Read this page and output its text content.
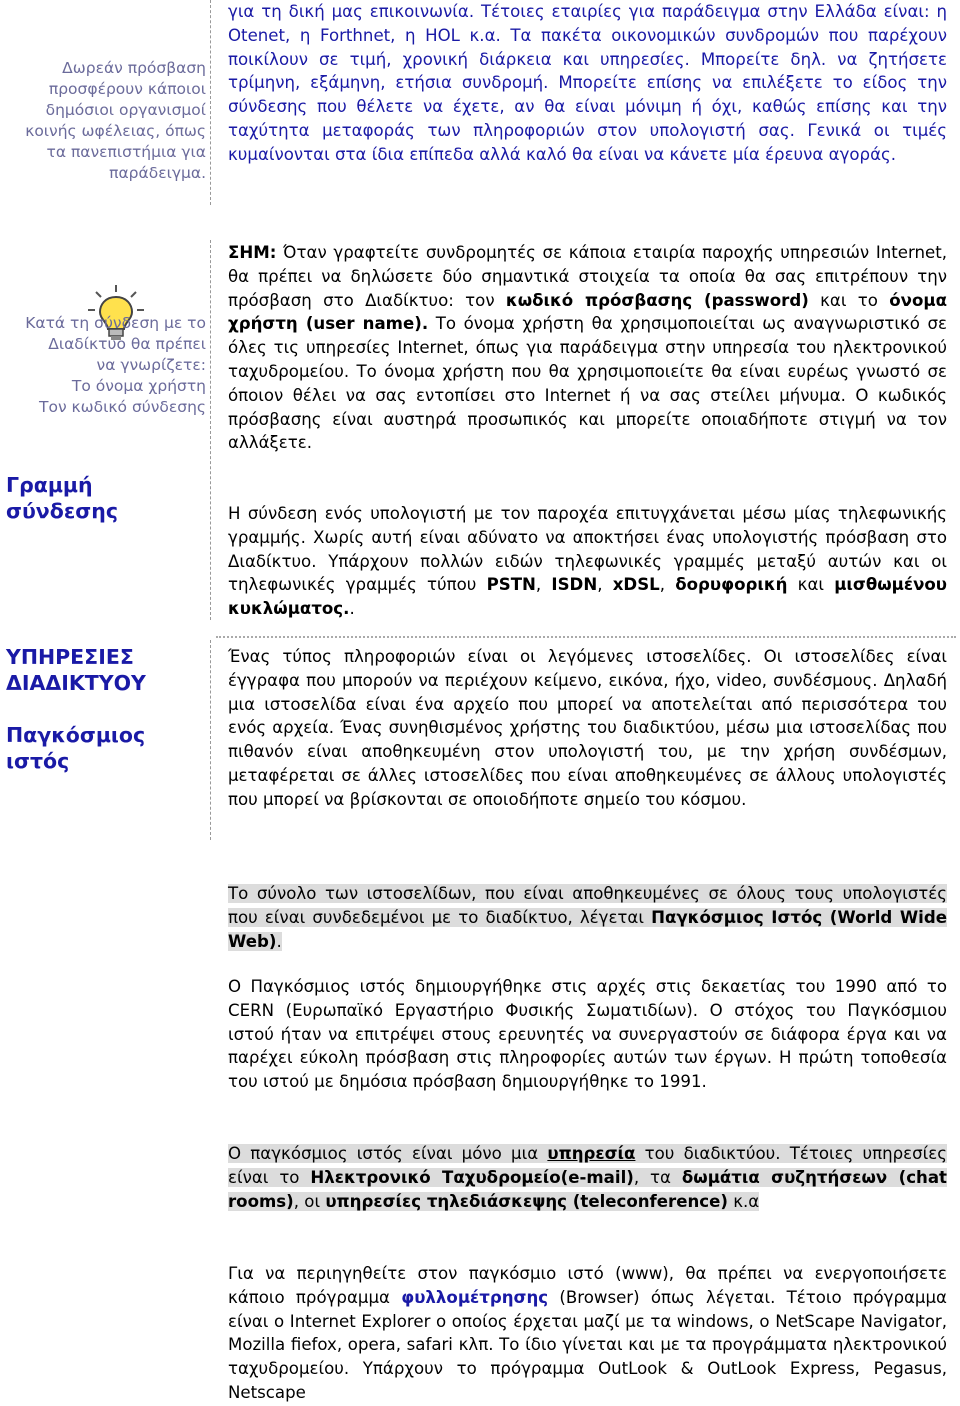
Δωρεάν πρόσβαση προσφέρουν κάποιοι δημόσιοι οργανισμοί κοινής ωφέλειας, όπως τα πανεπιστήμια για παράδειγμα.
Κατά τη σύνδεση με το
Διαδίκτυο θα πρέπει
να γνωρίζετε:
Το όνομα χρήστη
Τον κωδικό σύνδεσης
Γραμμή
σύνδεσης
ΥΠΗΡΕΣΙΕΣ
ΔΙΑΔΙΚΤΥΟΥ
Παγκόσμιος
ιστός
για τη δική μας επικοινωνία. Τέτοιες εταιρίες για παράδειγμα στην Ελλάδα είναι: η Otenet, η Forthnet, η HOL κ.α. Τα πακέτα οικονομικών συνδρομών που παρέχουν ποικίλουν σε τιμή, χρονική διάρκεια και υπηρεσίες. Μπορείτε δηλ. να ζητήσετε τρίμηνη, εξάμηνη, ετήσια συνδρομή. Μπορείτε επίσης να επιλέξετε το είδος την σύνδεσης που θέλετε να έχετε, αν θα είναι μόνιμη ή όχι, καθώς επίσης και την ταχύτητα μεταφοράς των πληροφοριών στον υπολογιστή σας. Γενικά οι τιμές κυμαίνονται στα ίδια επίπεδα αλλά καλό θα είναι να κάνετε μία έρευνα αγοράς.
ΣΗΜ: Όταν γραφτείτε συνδρομητές σε κάποια εταιρία παροχής υπηρεσιών Internet, θα πρέπει να δηλώσετε δύο σημαντικά στοιχεία τα οποία θα σας επιτρέπουν την πρόσβαση στο Διαδίκτυο: τον κωδικό πρόσβασης (password) και το όνομα χρήστη (user name). Το όνομα χρήστη θα χρησιμοποιείται ως αναγνωριστικό σε όλες τις υπηρεσίες Internet, όπως για παράδειγμα στην υπηρεσία του ηλεκτρονικού ταχυδρομείου. Το όνομα χρήστη που θα χρησιμοποιείτε θα είναι ευρέως γνωστό σε όποιον θέλει να σας εντοπίσει στο Internet ή να σας στείλει μήνυμα. Ο κωδικός πρόσβασης είναι αυστηρά προσωπικός και μπορείτε οποιαδήποτε στιγμή να τον αλλάξετε.
Η σύνδεση ενός υπολογιστή με τον παροχέα επιτυγχάνεται μέσω μίας τηλεφωνικής γραμμής. Χωρίς αυτή είναι αδύνατο να αποκτήσει ένας υπολογιστής πρόσβαση στο Διαδίκτυο. Υπάρχουν πολλών ειδών τηλεφωνικές γραμμές μεταξύ αυτών και οι τηλεφωνικές γραμμές τύπου PSTN, ISDN, xDSL, δορυφορική και μισθωμένου κυκλώματος..
Ένας τύπος πληροφοριών είναι οι λεγόμενες ιστοσελίδες. Οι ιστοσελίδες είναι έγγραφα που μπορούν να περιέχουν κείμενο, εικόνα, ήχο, video, συνδέσμους. Δηλαδή μια ιστοσελίδα είναι ένα αρχείο που μπορεί να αποτελείται από περισσότερα του ενός αρχεία. Ένας συνηθισμένος χρήστης του διαδικτύου, μέσω μια ιστοσελίδας που πιθανόν είναι αποθηκευμένη στον υπολογιστή του, με την χρήση συνδέσμων, μεταφέρεται σε άλλες ιστοσελίδες που είναι αποθηκευμένες σε άλλους υπολογιστές που μπορεί να βρίσκονται σε οποιοδήποτε σημείο του κόσμου.
Το σύνολο των ιστοσελίδων, που είναι αποθηκευμένες σε όλους τους υπολογιστές που είναι συνδεδεμένοι με το διαδίκτυο, λέγεται Παγκόσμιος Ιστός (World Wide Web).
Ο Παγκόσμιος ιστός δημιουργήθηκε στις αρχές στις δεκαετίας του 1990 από το CERN (Ευρωπαϊκό Εργαστήριο Φυσικής Σωματιδίων). Ο στόχος του Παγκόσμιου ιστού ήταν να επιτρέψει στους ερευνητές να συνεργαστούν σε διάφορα έργα και να παρέχει εύκολη πρόσβαση στις πληροφορίες αυτών των έργων. Η πρώτη τοποθεσία του ιστού με δημόσια πρόσβαση δημιουργήθηκε το 1991.
Ο παγκόσμιος ιστός είναι μόνο μια υπηρεσία του διαδικτύου. Τέτοιες υπηρεσίες είναι το Ηλεκτρονικό Ταχυδρομείο(e-mail), τα δωμάτια συζητήσεων (chat rooms), οι υπηρεσίες τηλεδιάσκεψης (teleconference) κ.α
Για να περιηγηθείτε στον παγκόσμιο ιστό (www), θα πρέπει να ενεργοποιήσετε κάποιο πρόγραμμα φυλλομέτρησης (Browser) όπως λέγεται. Τέτοιο πρόγραμμα είναι ο Internet Explorer ο οποίος έρχεται μαζί με τα windows, ο NetScape Navigator, Mozilla fiefox, opera, safari κλπ. Το ίδιο γίνεται και με τα προγράμματα ηλεκτρονικού ταχυδρομείου. Υπάρχουν το πρόγραμμα OutLook & OutLook Express, Pegasus, Netscape
